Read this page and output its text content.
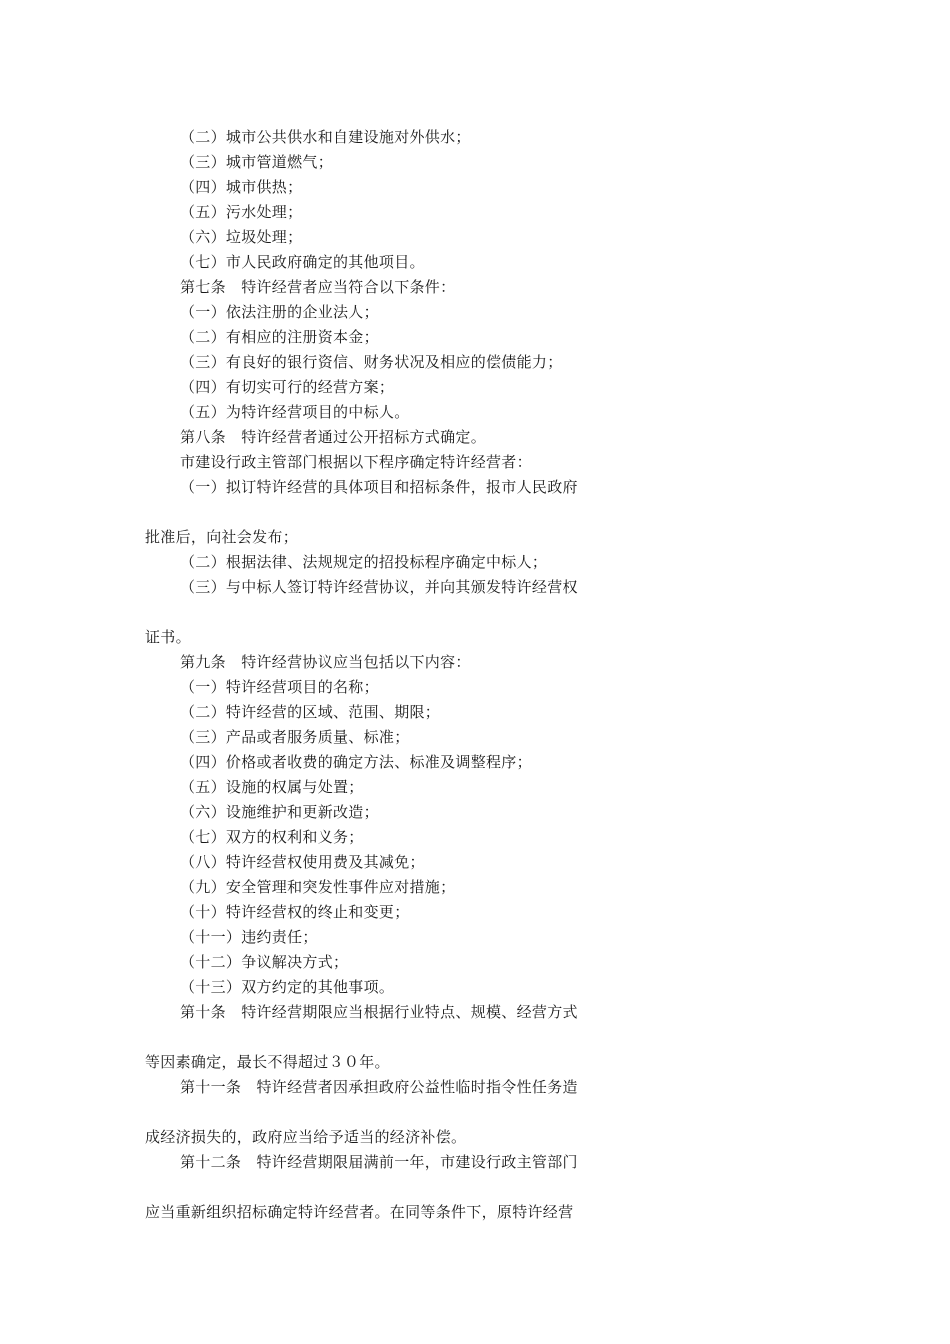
（二）城市公共供水和自建设施对外供水；
（三）城市管道燃气；
（四）城市供热；
（五）污水处理；
（六）垃圾处理；
（七）市人民政府确定的其他项目。
第七条　特许经营者应当符合以下条件：
（一）依法注册的企业法人；
（二）有相应的注册资本金；
（三）有良好的银行资信、财务状况及相应的偿债能力；
（四）有切实可行的经营方案；
（五）为特许经营项目的中标人。
第八条　特许经营者通过公开招标方式确定。
市建设行政主管部门根据以下程序确定特许经营者：
（一）拟订特许经营的具体项目和招标条件，报市人民政府
批准后，向社会发布；
（二）根据法律、法规规定的招投标程序确定中标人；
（三）与中标人签订特许经营协议，并向其颁发特许经营权
证书。
第九条　特许经营协议应当包括以下内容：
（一）特许经营项目的名称；
（二）特许经营的区域、范围、期限；
（三）产品或者服务质量、标准；
（四）价格或者收费的确定方法、标准及调整程序；
（五）设施的权属与处置；
（六）设施维护和更新改造；
（七）双方的权利和义务；
（八）特许经营权使用费及其减免；
（九）安全管理和突发性事件应对措施；
（十）特许经营权的终止和变更；
（十一）违约责任；
（十二）争议解决方式；
（十三）双方约定的其他事项。
第十条　特许经营期限应当根据行业特点、规模、经营方式
等因素确定，最长不得超过３０年。
第十一条　特许经营者因承担政府公益性临时指令性任务造
成经济损失的，政府应当给予适当的经济补偿。
第十二条　特许经营期限届满前一年，市建设行政主管部门
应当重新组织招标确定特许经营者。在同等条件下，原特许经营
